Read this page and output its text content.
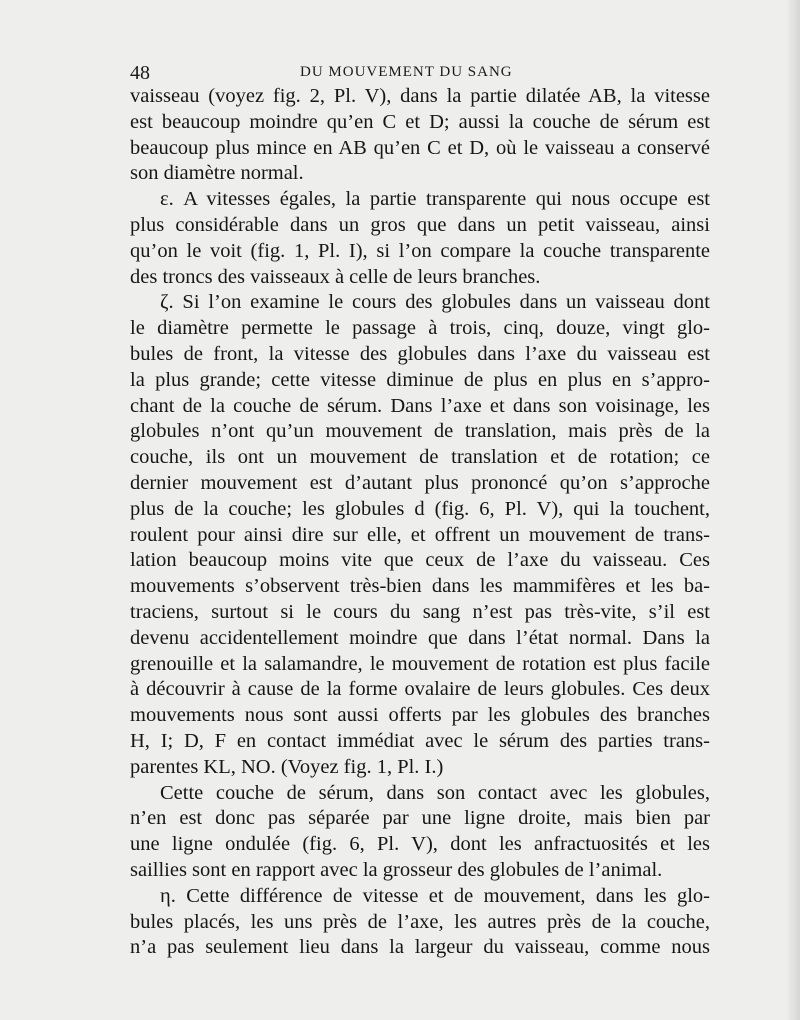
48	DU MOUVEMENT DU SANG
vaisseau (voyez fig. 2, Pl. V), dans la partie dilatée AB, la vitesse
est beaucoup moindre qu’en C et D; aussi la couche de sérum est
beaucoup plus mince en AB qu’en C et D, où le vaisseau a conservé
son diamètre normal.
ε. A vitesses égales, la partie transparente qui nous occupe est
plus considérable dans un gros que dans un petit vaisseau, ainsi
qu’on le voit (fig. 1, Pl. I), si l’on compare la couche transparente
des troncs des vaisseaux à celle de leurs branches.
ζ. Si l’on examine le cours des globules dans un vaisseau dont
le diamètre permette le passage à trois, cinq, douze, vingt glo-
bules de front, la vitesse des globules dans l’axe du vaisseau est
la plus grande; cette vitesse diminue de plus en plus en s’appro-
chant de la couche de sérum. Dans l’axe et dans son voisinage, les
globules n’ont qu’un mouvement de translation, mais près de la
couche, ils ont un mouvement de translation et de rotation; ce
dernier mouvement est d’autant plus prononcé qu’on s’approche
plus de la couche; les globules d (fig. 6, Pl. V), qui la touchent,
roulent pour ainsi dire sur elle, et offrent un mouvement de trans-
lation beaucoup moins vite que ceux de l’axe du vaisseau. Ces
mouvements s’observent très-bien dans les mammifères et les ba-
traciens, surtout si le cours du sang n’est pas très-vite, s’il est
devenu accidentellement moindre que dans l’état normal. Dans la
grenouille et la salamandre, le mouvement de rotation est plus facile
à découvrir à cause de la forme ovalaire de leurs globules. Ces deux
mouvements nous sont aussi offerts par les globules des branches
H, I; D, F en contact immédiat avec le sérum des parties trans-
parentes KL, NO. (Voyez fig. 1, Pl. I.)
Cette couche de sérum, dans son contact avec les globules,
n’en est donc pas séparée par une ligne droite, mais bien par
une ligne ondulée (fig. 6, Pl. V), dont les anfractuosités et les
saillies sont en rapport avec la grosseur des globules de l’animal.
η. Cette différence de vitesse et de mouvement, dans les glo-
bules placés, les uns près de l’axe, les autres près de la couche,
n’a pas seulement lieu dans la largeur du vaisseau, comme nous
